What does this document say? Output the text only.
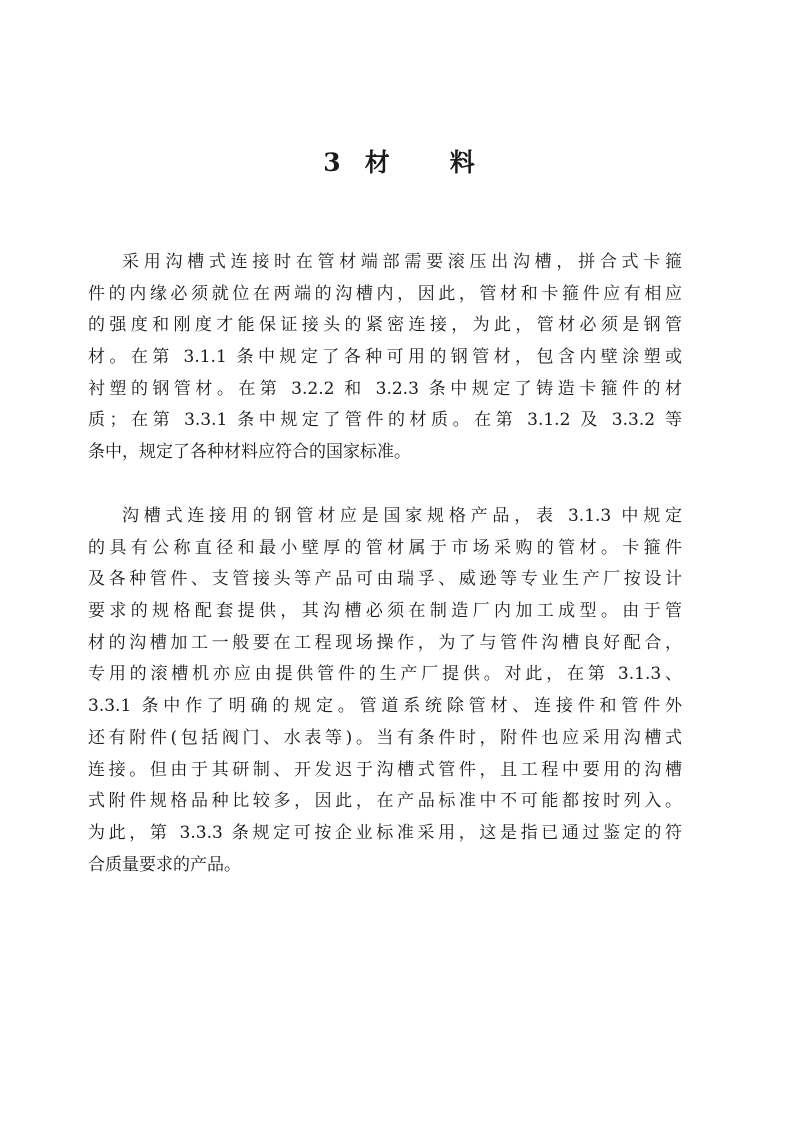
3 材 料
采用沟槽式连接时在管材端部需要滚压出沟槽，拼合式卡箍
件的内缘必须就位在两端的沟槽内，因此，管材和卡箍件应有相应
的强度和刚度才能保证接头的紧密连接，为此，管材必须是钢管
材。在第 3.1.1 条中规定了各种可用的钢管材，包含内壁涂塑或
衬塑的钢管材。在第 3.2.2 和 3.2.3 条中规定了铸造卡箍件的材
质；在第 3.3.1 条中规定了管件的材质。在第 3.1.2 及 3.3.2 等
条中，规定了各种材料应符合的国家标准。
沟槽式连接用的钢管材应是国家规格产品，表 3.1.3 中规定
的具有公称直径和最小壁厚的管材属于市场采购的管材。卡箍件
及各种管件、支管接头等产品可由瑞孚、威逊等专业生产厂按设计
要求的规格配套提供，其沟槽必须在制造厂内加工成型。由于管
材的沟槽加工一般要在工程现场操作，为了与管件沟槽良好配合，
专用的滚槽机亦应由提供管件的生产厂提供。对此，在第 3.1.3、
3.3.1 条中作了明确的规定。管道系统除管材、连接件和管件外
还有附件(包括阀门、水表等)。当有条件时，附件也应采用沟槽式
连接。但由于其研制、开发迟于沟槽式管件，且工程中要用的沟槽
式附件规格品种比较多，因此，在产品标准中不可能都按时列入。
为此，第 3.3.3 条规定可按企业标准采用，这是指已通过鉴定的符
合质量要求的产品。
